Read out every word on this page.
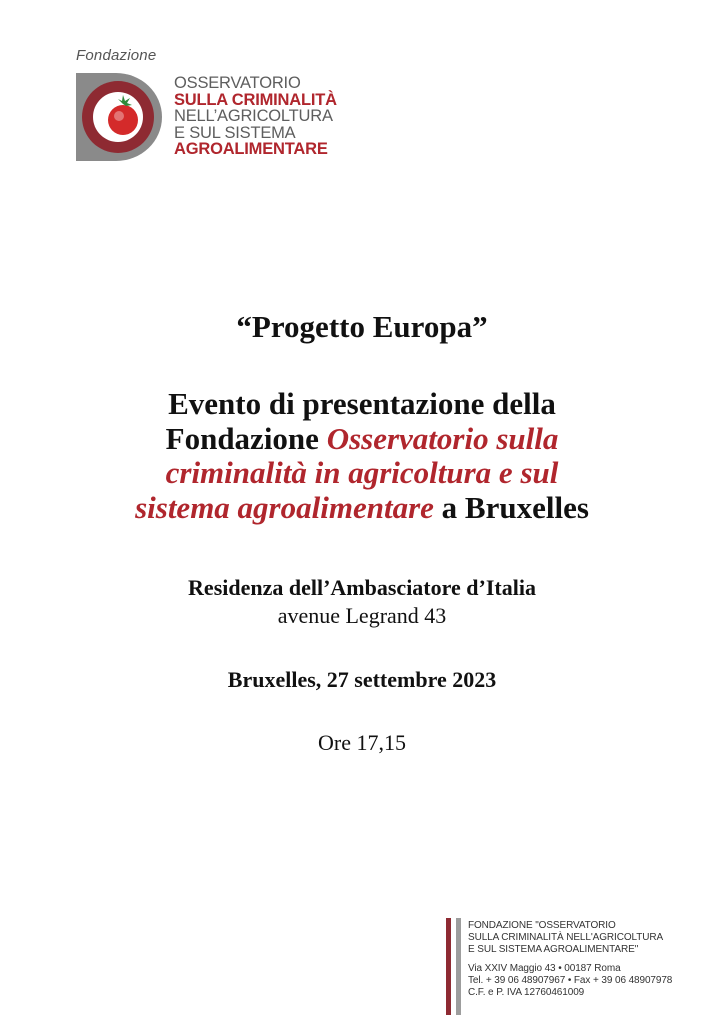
Fondazione
OSSERVATORIO
SULLA CRIMINALITÀ
NELL’AGRICOLTURA
E SUL SISTEMA
AGROALIMENTARE
“Progetto Europa”
Evento di presentazione della
Fondazione Osservatorio sulla
criminalità in agricoltura e sul
sistema agroalimentare a Bruxelles
Residenza dell’Ambasciatore d’Italia
avenue Legrand 43
Bruxelles, 27 settembre 2023
Ore 17,15
FONDAZIONE "OSSERVATORIO
SULLA CRIMINALITÀ NELL'AGRICOLTURA
E SUL SISTEMA AGROALIMENTARE"
Via XXIV Maggio 43 • 00187 Roma
Tel. + 39 06 48907967 • Fax + 39 06 48907978
C.F. e P. IVA 12760461009
